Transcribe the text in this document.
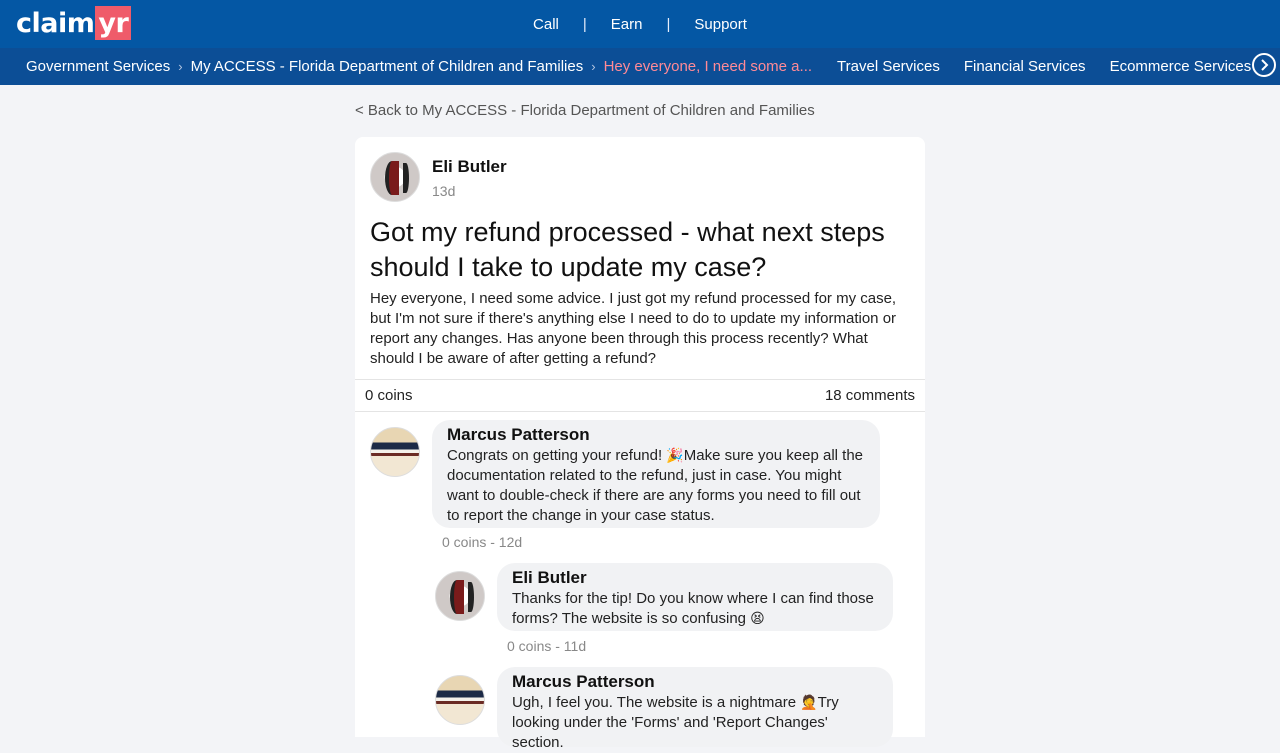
claim yr	Call	|	Earn	|	Support
Government Services › My ACCESS - Florida Department of Children and Families › Hey everyone, I need some a...	Travel Services	Financial Services	Ecommerce Services
< Back to My ACCESS - Florida Department of Children and Families
Eli Butler
13d
Got my refund processed - what next steps should I take to update my case?
Hey everyone, I need some advice. I just got my refund processed for my case, but I'm not sure if there's anything else I need to do to update my information or report any changes. Has anyone been through this process recently? What should I be aware of after getting a refund?
0 coins	18 comments
Marcus Patterson
Congrats on getting your refund! 🎉Make sure you keep all the documentation related to the refund, just in case. You might want to double-check if there are any forms you need to fill out to report the change in your case status.
0 coins - 12d
Eli Butler
Thanks for the tip! Do you know where I can find those forms? The website is so confusing 😫
0 coins - 11d
Marcus Patterson
Ugh, I feel you. The website is a nightmare 🤦Try looking under the 'Forms' and 'Report Changes' section.
